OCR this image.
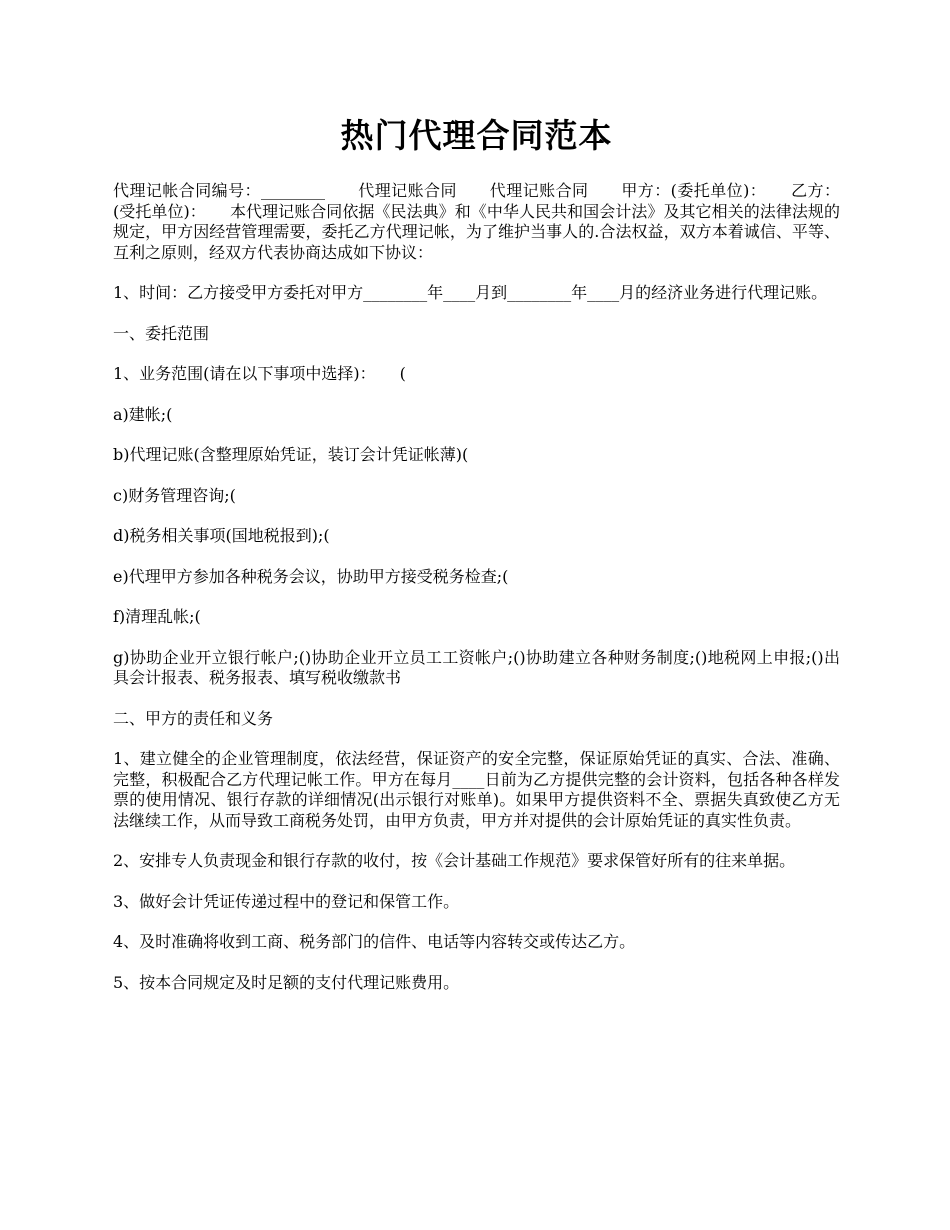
热门代理合同范本

代理记帐合同编号：________　　代理记账合同　　代理记账合同　　甲方：(委托单位)：　　乙方：(受托单位)：　　本代理记账合同依据《民法典》和《中华人民共和国会计法》及其它相关的法律法规的规定，甲方因经营管理需要，委托乙方代理记帐，为了维护当事人的.合法权益，双方本着诚信、平等、互利之原则，经双方代表协商达成如下协议：

1、时间：乙方接受甲方委托对甲方________年____月到________年____月的经济业务进行代理记账。

一、委托范围

1、业务范围(请在以下事项中选择)：　　(

a)建帐;(

b)代理记账(含整理原始凭证，装订会计凭证帐薄)(

c)财务管理咨询;(

d)税务相关事项(国地税报到);(

e)代理甲方参加各种税务会议，协助甲方接受税务检查;(

f)清理乱帐;(

g)协助企业开立银行帐户;()协助企业开立员工工资帐户;()协助建立各种财务制度;()地税网上申报;()出具会计报表、税务报表、填写税收缴款书

二、甲方的责任和义务

1、建立健全的企业管理制度，依法经营，保证资产的安全完整，保证原始凭证的真实、合法、准确、完整，积极配合乙方代理记帐工作。甲方在每月____日前为乙方提供完整的会计资料，包括各种各样发票的使用情况、银行存款的详细情况(出示银行对账单)。如果甲方提供资料不全、票据失真致使乙方无法继续工作，从而导致工商税务处罚，由甲方负责，甲方并对提供的会计原始凭证的真实性负责。

2、安排专人负责现金和银行存款的收付，按《会计基础工作规范》要求保管好所有的往来单据。

3、做好会计凭证传递过程中的登记和保管工作。

4、及时准确将收到工商、税务部门的信件、电话等内容转交或传达乙方。

5、按本合同规定及时足额的支付代理记账费用。
